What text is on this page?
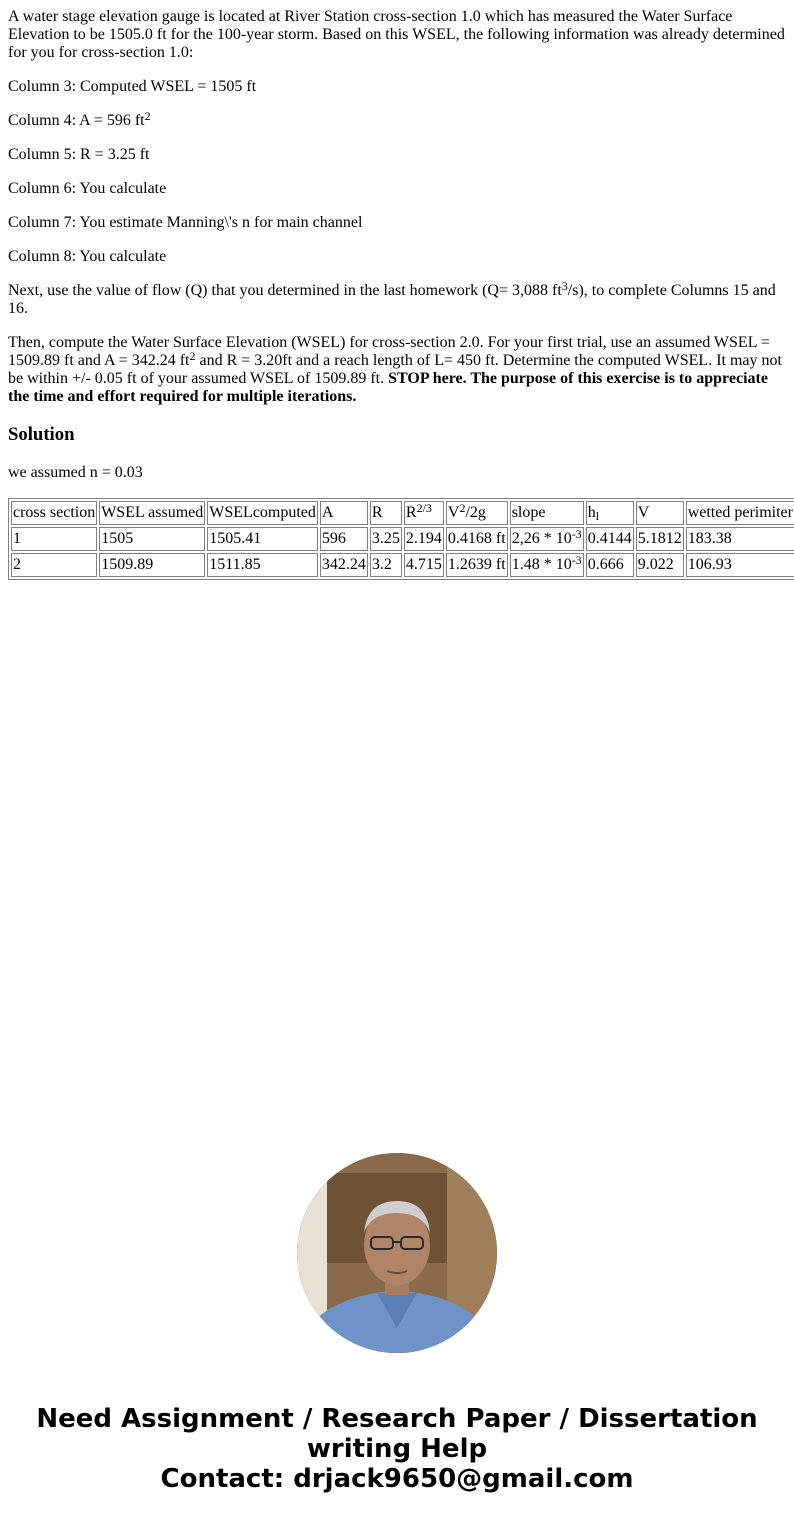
A water stage elevation gauge is located at River Station cross-section 1.0 which has measured the Water Surface Elevation to be 1505.0 ft for the 100-year storm. Based on this WSEL, the following information was already determined for you for cross-section 1.0:

Column 3: Computed WSEL = 1505 ft

Column 4: A = 596 $ft^2$

Column 5: R = 3.25 ft

Column 6: You calculate

Column 7: You estimate Manning\'s n for main channel

Column 8: You calculate

Next, use the value of flow (Q) that you determined in the last homework (Q= 3,088 $ft^3/s$), to complete Columns 15 and 16.

Then, compute the Water Surface Elevation (WSEL) for cross-section 2.0. For your first trial, use an assumed WSEL = 1509.89 ft and A = 342.24 $ft^2$ and R = 3.20ft and a reach length of L= 450 ft. Determine the computed WSEL. It may not be within +/- 0.05 ft of your assumed WSEL of 1509.89 ft. STOP here. The purpose of this exercise is to appreciate the time and effort required for multiple iterations.

Solution

we assumed n = 0.03

cross section	WSEL assumed	WSELcomputed	A	R	$R^{2/3}$	$V^2/2g$	slope	$h_l$	V	wetted perimiter
1	1505	1505.41	596	3.25	2.194	0.4168 ft	$2,26 * 10^{-3}$	0.4144	5.1812	183.38
2	1509.89	1511.85	342.24	3.2	4.715	1.2639 ft	$1.48 * 10^{-3}$	0.666	9.022	106.93
Need Assignment / Research Paper / Dissertation
writing Help
Contact: drjack9650@gmail.com
